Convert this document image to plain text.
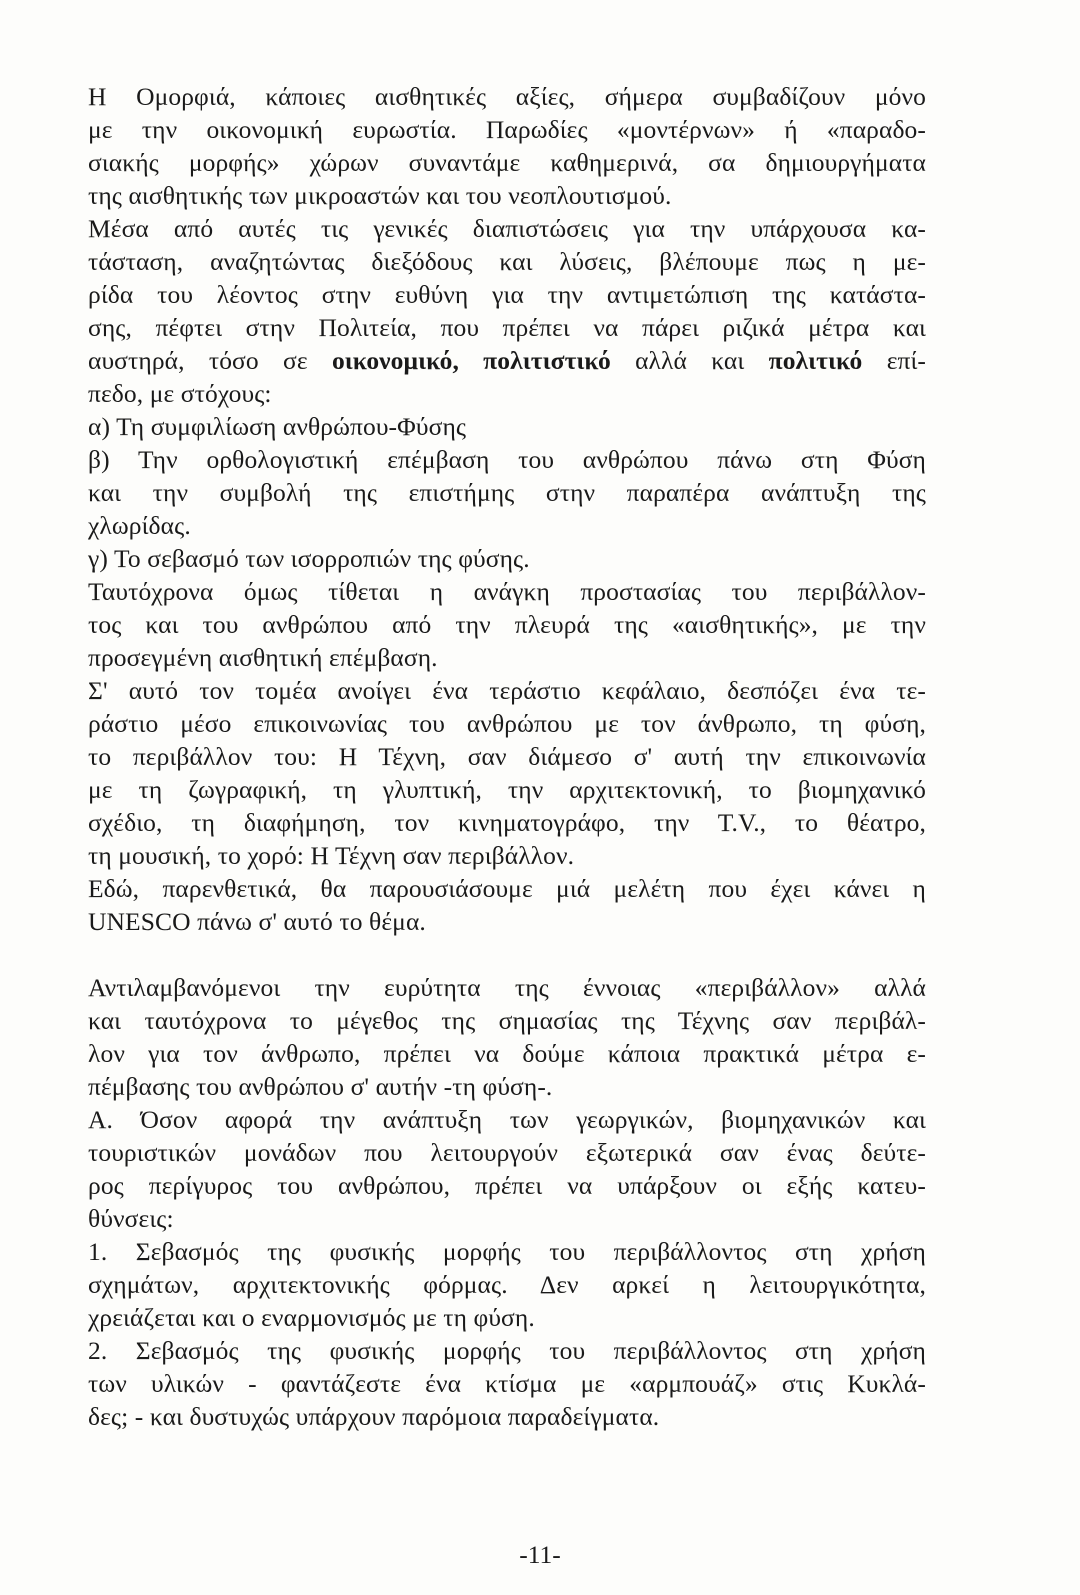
Η Ομορφιά, κάποιες αισθητικές αξίες, σήμερα συμβαδίζουν μόνο
με την οικονομική ευρωστία. Παρωδίες «μοντέρνων» ή «παραδο-
σιακής μορφής» χώρων συναντάμε καθημερινά, σα δημιουργήματα
της αισθητικής των μικροαστών και του νεοπλουτισμού.
Μέσα από αυτές τις γενικές διαπιστώσεις για την υπάρχουσα κα-
τάσταση, αναζητώντας διεξόδους και λύσεις, βλέπουμε πως η με-
ρίδα του λέοντος στην ευθύνη για την αντιμετώπιση της κατάστα-
σης, πέφτει στην Πολιτεία, που πρέπει να πάρει ριζικά μέτρα και
αυστηρά, τόσο σε οικονομικό, πολιτιστικό αλλά και πολιτικό επί-
πεδο, με στόχους:
α) Τη συμφιλίωση ανθρώπου-Φύσης
β) Την ορθολογιστική επέμβαση του ανθρώπου πάνω στη Φύση
και την συμβολή της επιστήμης στην παραπέρα ανάπτυξη της
χλωρίδας.
γ) Το σεβασμό των ισορροπιών της φύσης.
Ταυτόχρονα όμως τίθεται η ανάγκη προστασίας του περιβάλλον-
τος και του ανθρώπου από την πλευρά της «αισθητικής», με την
προσεγμένη αισθητική επέμβαση.
Σ' αυτό τον τομέα ανοίγει ένα τεράστιο κεφάλαιο, δεσπόζει ένα τε-
ράστιο μέσο επικοινωνίας του ανθρώπου με τον άνθρωπο, τη φύση,
το περιβάλλον του: Η Τέχνη, σαν διάμεσο σ' αυτή την επικοινωνία
με τη ζωγραφική, τη γλυπτική, την αρχιτεκτονική, το βιομηχανικό
σχέδιο, τη διαφήμηση, τον κινηματογράφο, την Τ.V., το θέατρο,
τη μουσική, το χορό: Η Τέχνη σαν περιβάλλον.
Εδώ, παρενθετικά, θα παρουσιάσουμε μιά μελέτη που έχει κάνει η
UNESCO πάνω σ' αυτό το θέμα.
Αντιλαμβανόμενοι την ευρύτητα της έννοιας «περιβάλλον» αλλά
και ταυτόχρονα το μέγεθος της σημασίας της Τέχνης σαν περιβάλ-
λον για τον άνθρωπο, πρέπει να δούμε κάποια πρακτικά μέτρα ε-
πέμβασης του ανθρώπου σ' αυτήν -τη φύση-.
Α. Όσον αφορά την ανάπτυξη των γεωργικών, βιομηχανικών και
τουριστικών μονάδων που λειτουργούν εξωτερικά σαν ένας δεύτε-
ρος περίγυρος του ανθρώπου, πρέπει να υπάρξουν οι εξής κατευ-
θύνσεις:
1. Σεβασμός της φυσικής μορφής του περιβάλλοντος στη χρήση
σχημάτων, αρχιτεκτονικής φόρμας. Δεν αρκεί η λειτουργικότητα,
χρειάζεται και ο εναρμονισμός με τη φύση.
2. Σεβασμός της φυσικής μορφής του περιβάλλοντος στη χρήση
των υλικών - φαντάζεστε ένα κτίσμα με «αρμπουάζ» στις Κυκλά-
δες; - και δυστυχώς υπάρχουν παρόμοια παραδείγματα.
-11-
